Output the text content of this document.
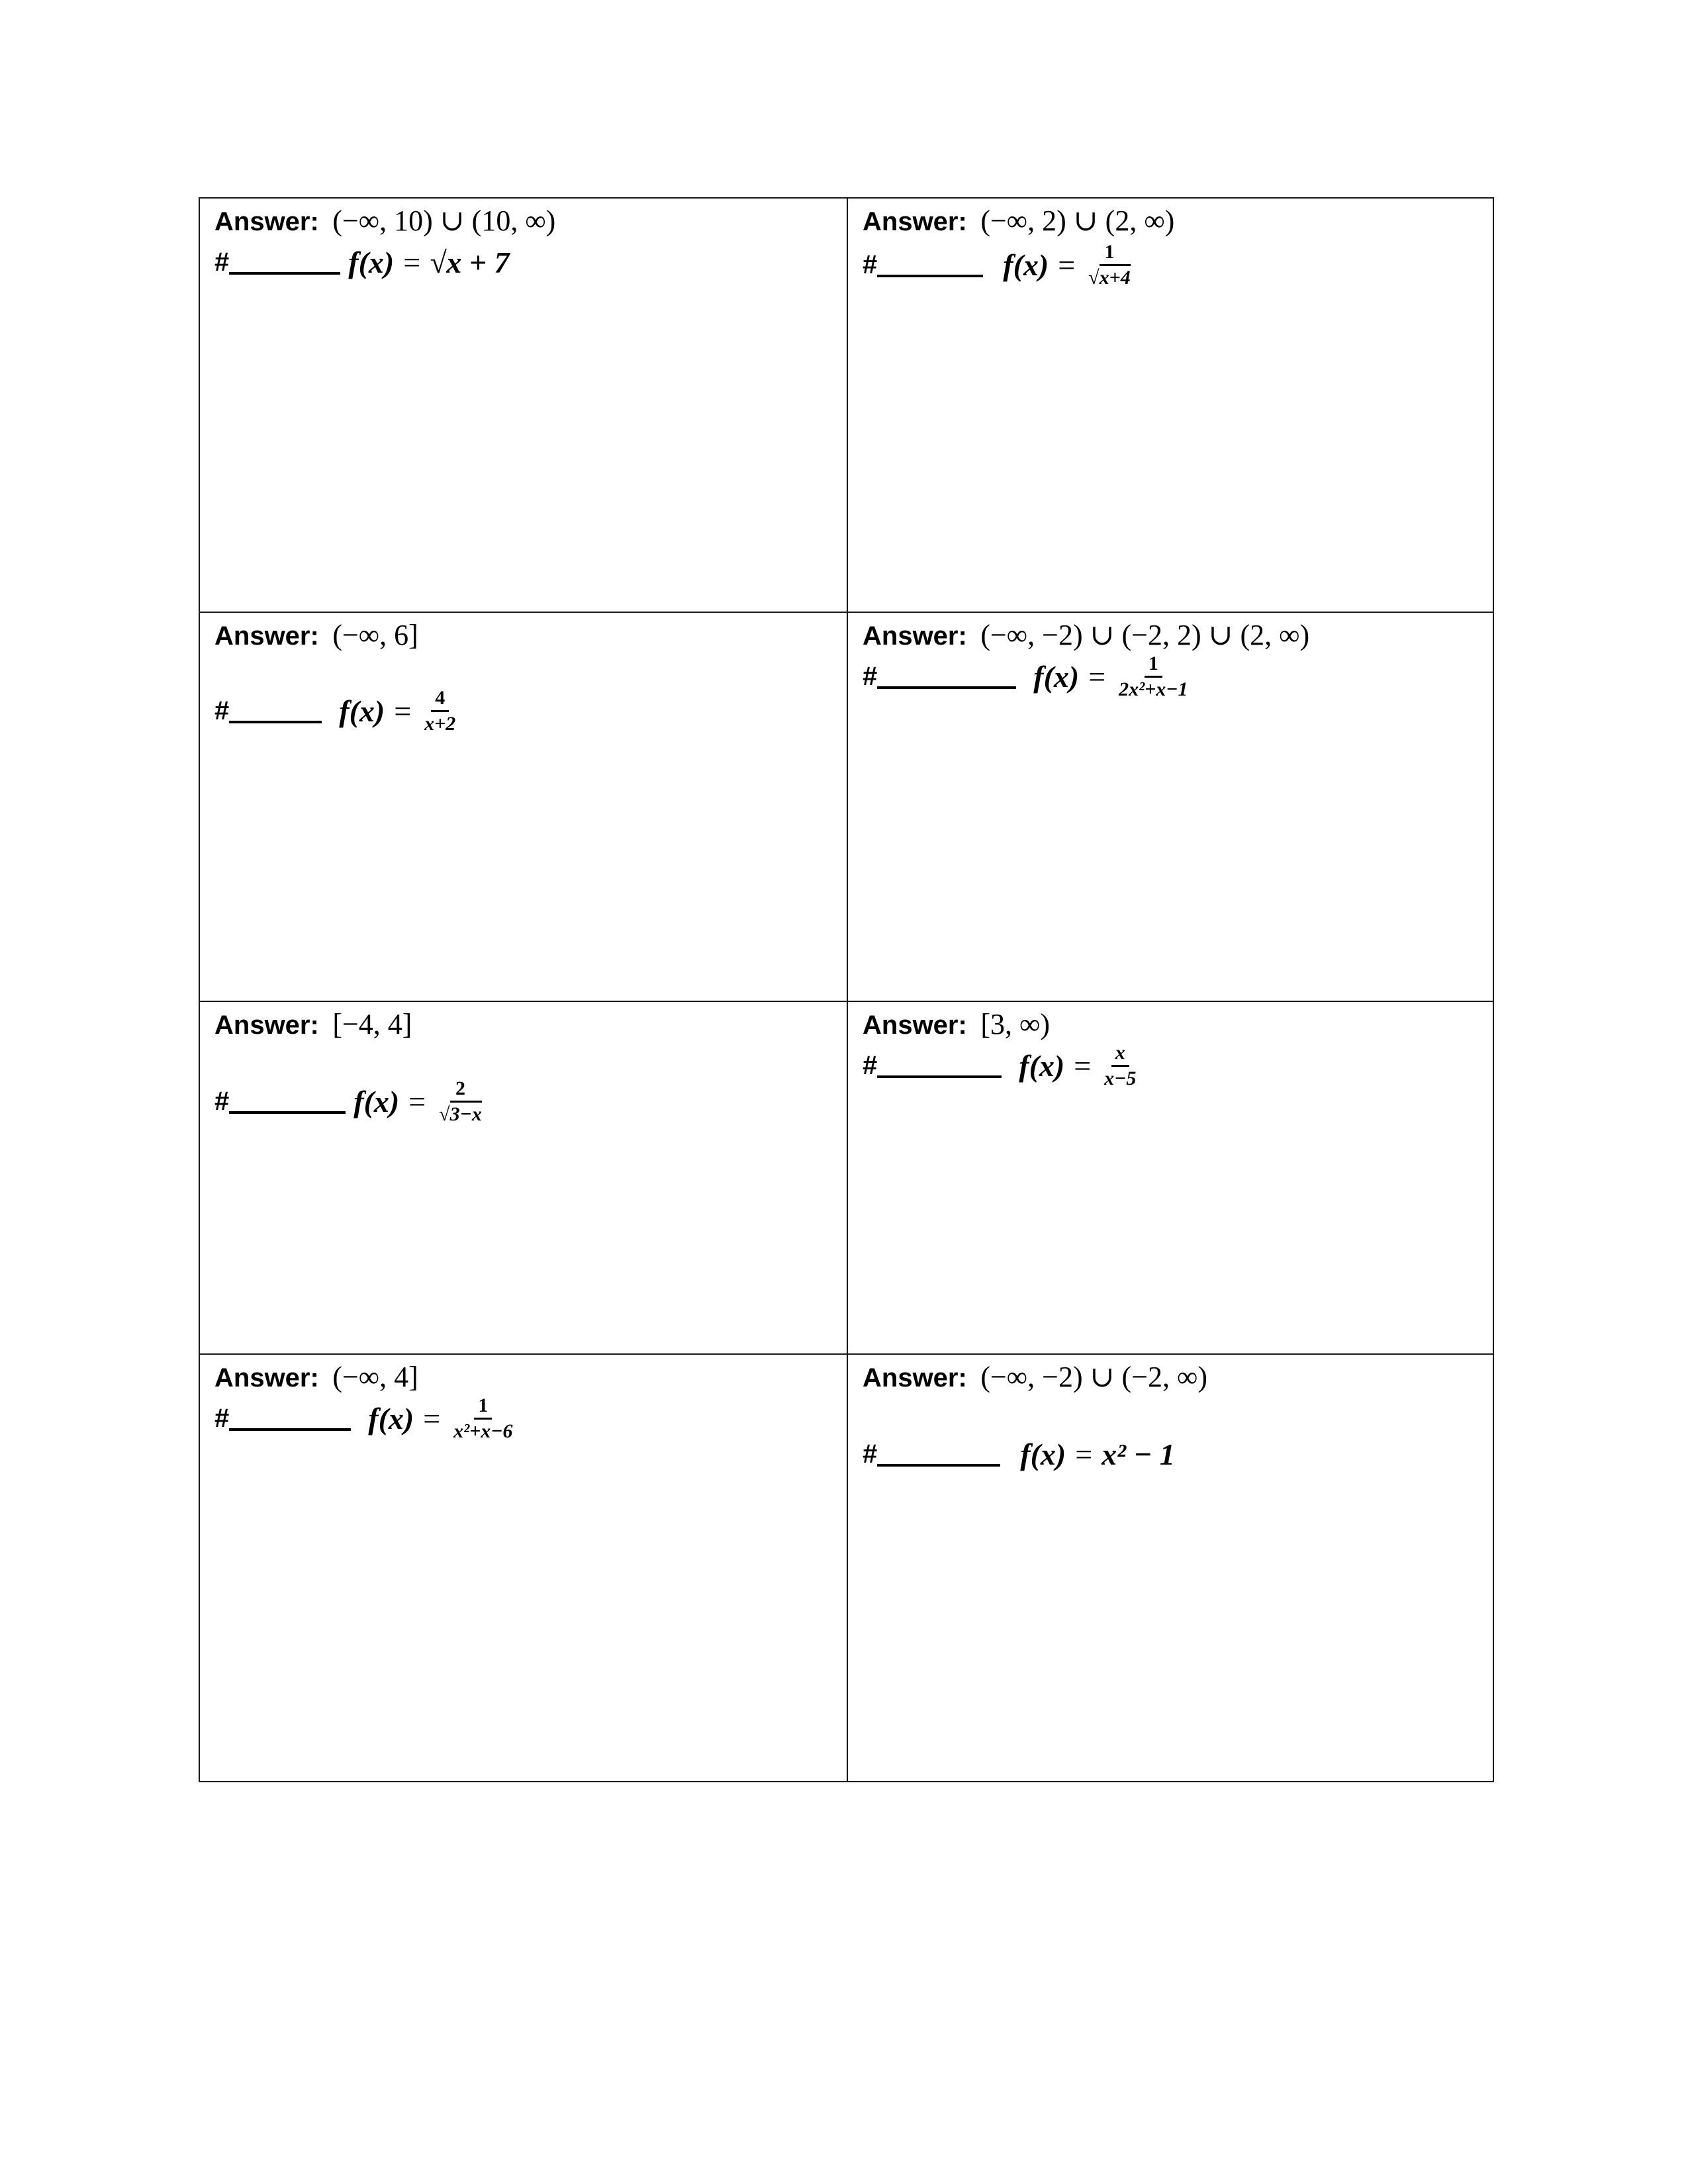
Answer: (−∞, 10) ∪ (10, ∞)
#	f(x) = √x + 7
Answer: (−∞, 2) ∪ (2, ∞)
#	$f(x) = \frac{1}{√x+4}$
Answer: (−∞, 6]
#	$f(x) = \frac{4}{x+2}$
Answer: (−∞, −2) ∪ (−2, 2) ∪ (2, ∞)
#	$f(x) = \frac{1}{\text{2x²+x−1}}$
Answer: [−4, 4]
#	$f(x) = \frac{2}{√3-x}$
Answer: [3, ∞)
#	$f(x) = \frac{x}{x-5}$
Answer: (−∞, 4]
#	$f(x) = \frac{1}{\text{x²+x−6}}$
Answer: (−∞, −2) ∪ (−2, ∞)
#	f(x) = x² − 1
